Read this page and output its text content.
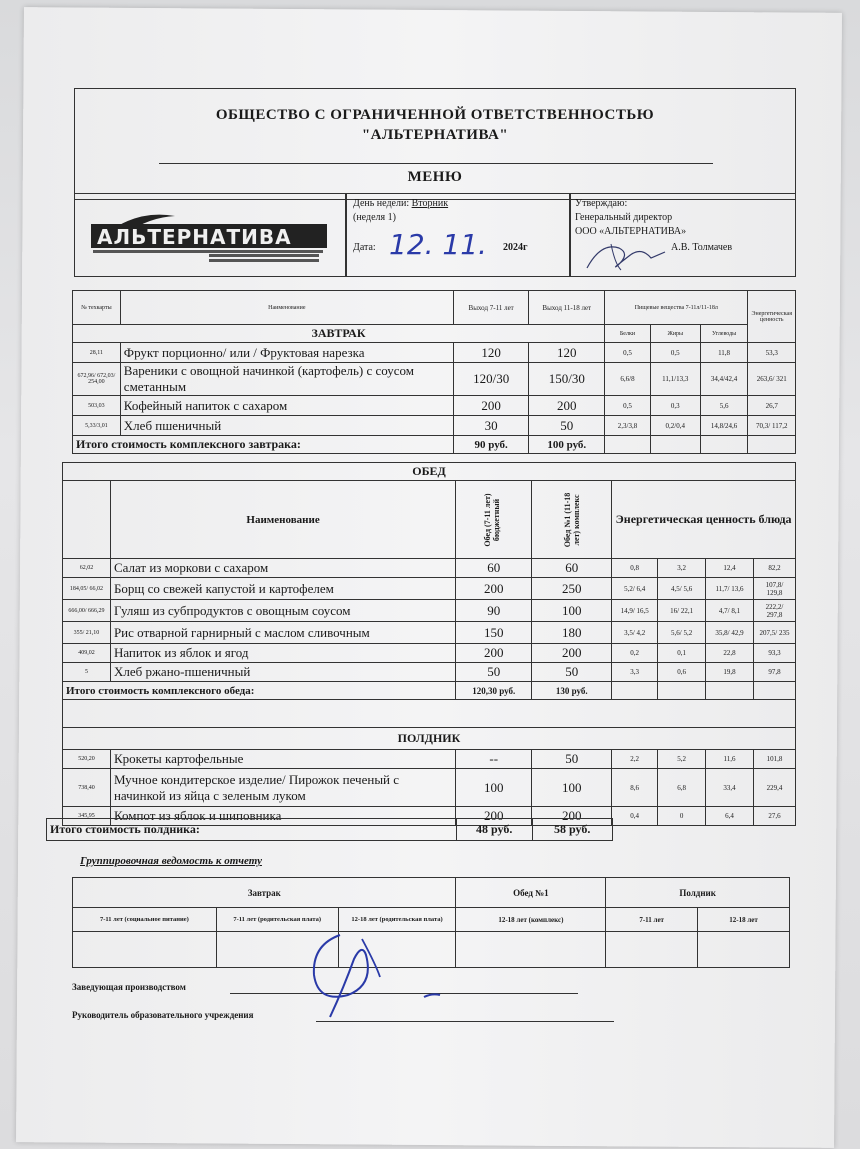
ОБЩЕСТВО С ОГРАНИЧЕННОЙ ОТВЕТСТВЕННОСТЬЮ
"АЛЬТЕРНАТИВА"
МЕНЮ
АЛЬТЕРНАТИВА
День недели: Вторник
(неделя 1)
Дата: 12. 11. 2024г
Утверждаю:
Генеральный директор
ООО «АЛЬТЕРНАТИВА»
А.В. Толмачев
№ техкарты	Наименование	Выход 7-11 лет	Выход 11-18 лет	Пищевые вещества 7-11л/11-18л			Энергетическая ценность
ЗАВТРАК				Белки	Жиры	Углеводы	
28,11	Фрукт порционно/ или / Фруктовая нарезка	120	120	0,5	0,5	11,8	53,3
672,96/ 672,03/ 254,00	Вареники с овощной начинкой (картофель) с соусом сметанным	120/30	150/30	6,6/8	11,1/13,3	34,4/42,4	263,6/ 321
503,03	Кофейный напиток с сахаром	200	200	0,5	0,3	5,6	26,7
5,33/3,01	Хлеб пшеничный	30	50	2,3/3,8	0,2/0,4	14,8/24,6	70,3/ 117,2
Итого стоимость комплексного завтрака:		90 руб.	100 руб.				
ОБЕД							
	Наименование	Обед (7-11 лет) бюджетный	Обед №1 (11-18 лет) комплекс	Энергетическая ценность блюда			
62,02	Салат из моркови с сахаром	60	60	0,8	3,2	12,4	82,2
184,05/ 66,02	Борщ со свежей капустой и картофелем	200	250	5,2/ 6,4	4,5/ 5,6	11,7/ 13,6	107,8/ 129,8
666,00/ 666,29	Гуляш из субпродуктов с овощным соусом	90	100	14,9/ 16,5	16/ 22,1	4,7/ 8,1	222,2/ 297,8
355/ 21,10	Рис отварной гарнирный с маслом сливочным	150	180	3,5/ 4,2	5,6/ 5,2	35,8/ 42,9	207,5/ 235
409,02	Напиток из яблок и ягод	200	200	0,2	0,1	22,8	93,3
5	Хлеб ржано-пшеничный	50	50	3,3	0,6	19,8	97,8
Итого стоимость комплексного обеда:		120,30 руб.	130 руб.				

ПОЛДНИК							
520,20	Крокеты картофельные	--	50	2,2	5,2	11,6	101,8
738,40	Мучное кондитерское изделие/ Пирожок печеный с начинкой из яйца с зеленым луком	100	100	8,6	6,8	33,4	229,4
345,95	Компот из яблок и шиповника	200	200	0,4	0	6,4	27,6
Итого стоимость полдника:	48 руб.	58 руб.	
Группировочная ведомость к отчету
Завтрак			Обед №1	Полдник	
7-11 лет (социальное питание)	7-11 лет (родительская плата)	12-18 лет (родительская плата)	12-18 лет (комплекс)	7-11 лет	12-18 лет

Заведующая производством
Руководитель образовательного учреждения
